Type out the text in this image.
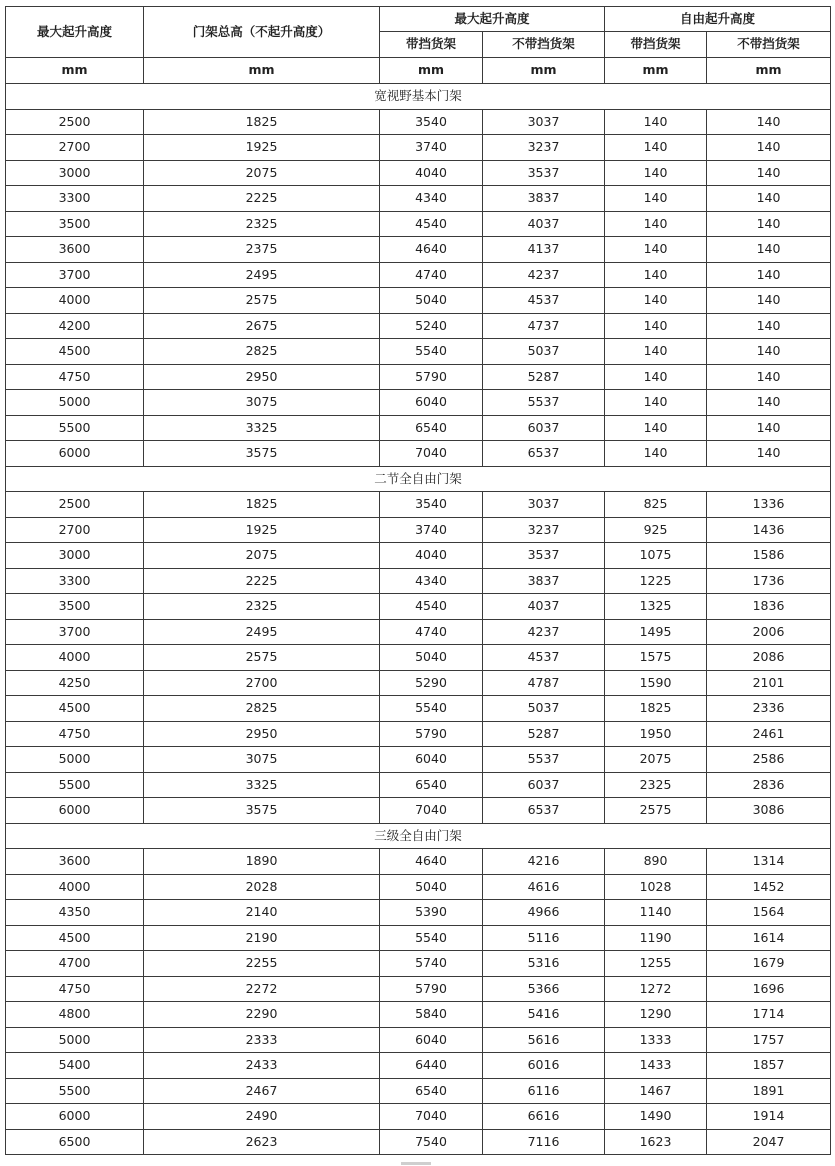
最大起升高度	门架总高（不起升高度）	最大起升高度		自由起升高度	
		带挡货架	不带挡货架	带挡货架	不带挡货架
mm	mm	mm	mm	mm	mm
宽视野基本门架					
2500	1825	3540	3037	140	140
2700	1925	3740	3237	140	140
3000	2075	4040	3537	140	140
3300	2225	4340	3837	140	140
3500	2325	4540	4037	140	140
3600	2375	4640	4137	140	140
3700	2495	4740	4237	140	140
4000	2575	5040	4537	140	140
4200	2675	5240	4737	140	140
4500	2825	5540	5037	140	140
4750	2950	5790	5287	140	140
5000	3075	6040	5537	140	140
5500	3325	6540	6037	140	140
6000	3575	7040	6537	140	140
二节全自由门架					
2500	1825	3540	3037	825	1336
2700	1925	3740	3237	925	1436
3000	2075	4040	3537	1075	1586
3300	2225	4340	3837	1225	1736
3500	2325	4540	4037	1325	1836
3700	2495	4740	4237	1495	2006
4000	2575	5040	4537	1575	2086
4250	2700	5290	4787	1590	2101
4500	2825	5540	5037	1825	2336
4750	2950	5790	5287	1950	2461
5000	3075	6040	5537	2075	2586
5500	3325	6540	6037	2325	2836
6000	3575	7040	6537	2575	3086
三级全自由门架					
3600	1890	4640	4216	890	1314
4000	2028	5040	4616	1028	1452
4350	2140	5390	4966	1140	1564
4500	2190	5540	5116	1190	1614
4700	2255	5740	5316	1255	1679
4750	2272	5790	5366	1272	1696
4800	2290	5840	5416	1290	1714
5000	2333	6040	5616	1333	1757
5400	2433	6440	6016	1433	1857
5500	2467	6540	6116	1467	1891
6000	2490	7040	6616	1490	1914
6500	2623	7540	7116	1623	2047
